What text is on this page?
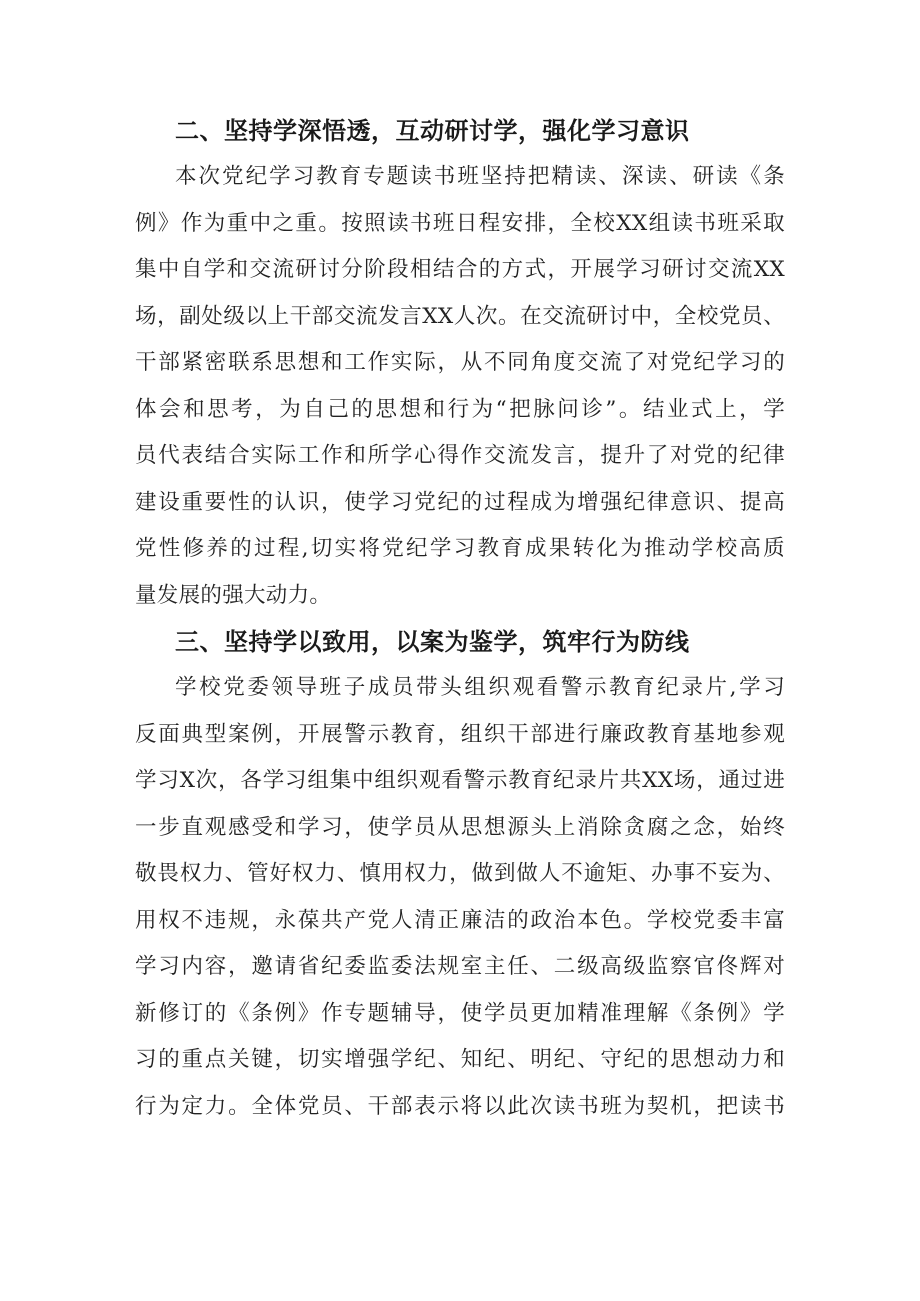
二、坚持学深悟透，互动研讨学，强化学习意识
本次党纪学习教育专题读书班坚持把精读、深读、研读《条
例》作为重中之重。按照读书班日程安排，全校XX组读书班采取
集中自学和交流研讨分阶段相结合的方式，开展学习研讨交流XX
场，副处级以上干部交流发言XX人次。在交流研讨中，全校党员、
干部紧密联系思想和工作实际，从不同角度交流了对党纪学习的
体会和思考，为自己的思想和行为“把脉问诊”。结业式上，学
员代表结合实际工作和所学心得作交流发言，提升了对党的纪律
建设重要性的认识，使学习党纪的过程成为增强纪律意识、提高
党性修养的过程,切实将党纪学习教育成果转化为推动学校高质
量发展的强大动力。
三、坚持学以致用，以案为鉴学，筑牢行为防线
学校党委领导班子成员带头组织观看警示教育纪录片,学习
反面典型案例，开展警示教育，组织干部进行廉政教育基地参观
学习X次，各学习组集中组织观看警示教育纪录片共XX场，通过进
一步直观感受和学习，使学员从思想源头上消除贪腐之念，始终
敬畏权力、管好权力、慎用权力，做到做人不逾矩、办事不妄为、
用权不违规，永葆共产党人清正廉洁的政治本色。学校党委丰富
学习内容，邀请省纪委监委法规室主任、二级高级监察官佟辉对
新修订的《条例》作专题辅导，使学员更加精准理解《条例》学
习的重点关键，切实增强学纪、知纪、明纪、守纪的思想动力和
行为定力。全体党员、干部表示将以此次读书班为契机，把读书
